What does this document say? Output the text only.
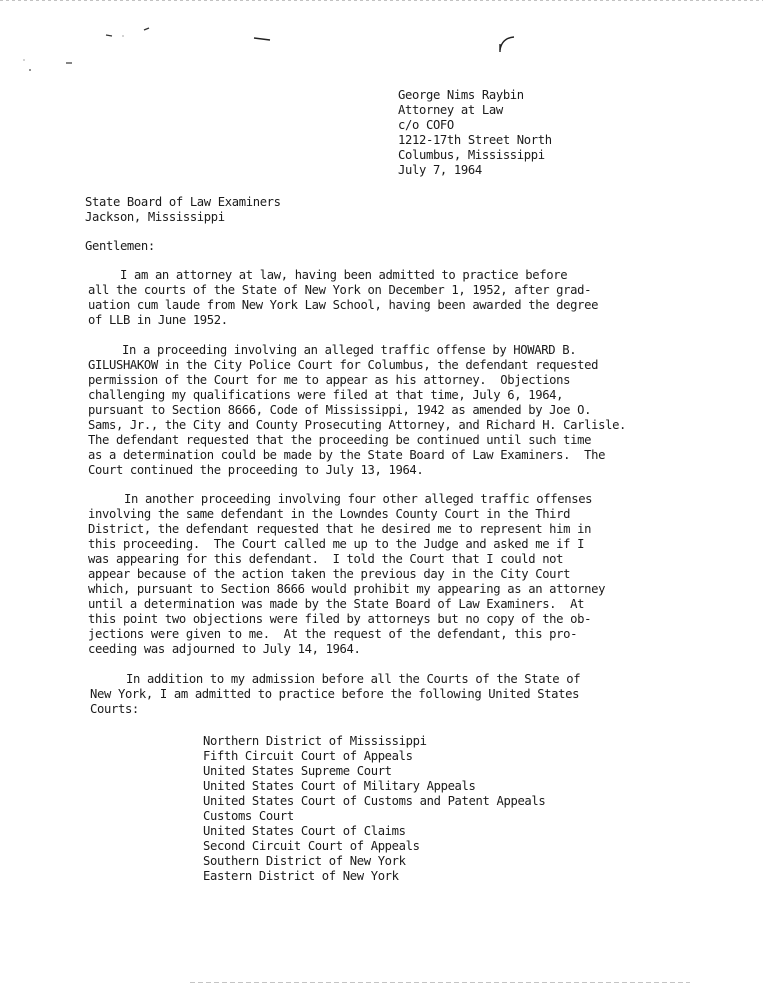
George Nims Raybin
Attorney at Law
c/o COFO
1212-17th Street North
Columbus, Mississippi
July 7, 1964
State Board of Law Examiners
Jackson, Mississippi
Gentlemen:
I am an attorney at law, having been admitted to practice before
all the courts of the State of New York on December 1, 1952, after grad-
uation cum laude from New York Law School, having been awarded the degree
of LLB in June 1952.
In a proceeding involving an alleged traffic offense by HOWARD B.
GILUSHAKOW in the City Police Court for Columbus, the defendant requested
permission of the Court for me to appear as his attorney.  Objections
challenging my qualifications were filed at that time, July 6, 1964,
pursuant to Section 8666, Code of Mississippi, 1942 as amended by Joe O.
Sams, Jr., the City and County Prosecuting Attorney, and Richard H. Carlisle.
The defendant requested that the proceeding be continued until such time
as a determination could be made by the State Board of Law Examiners.  The
Court continued the proceeding to July 13, 1964.
In another proceeding involving four other alleged traffic offenses
involving the same defendant in the Lowndes County Court in the Third
District, the defendant requested that he desired me to represent him in
this proceeding.  The Court called me up to the Judge and asked me if I
was appearing for this defendant.  I told the Court that I could not
appear because of the action taken the previous day in the City Court
which, pursuant to Section 8666 would prohibit my appearing as an attorney
until a determination was made by the State Board of Law Examiners.  At
this point two objections were filed by attorneys but no copy of the ob-
jections were given to me.  At the request of the defendant, this pro-
ceeding was adjourned to July 14, 1964.
In addition to my admission before all the Courts of the State of
New York, I am admitted to practice before the following United States
Courts:
Northern District of Mississippi
Fifth Circuit Court of Appeals
United States Supreme Court
United States Court of Military Appeals
United States Court of Customs and Patent Appeals
Customs Court
United States Court of Claims
Second Circuit Court of Appeals
Southern District of New York
Eastern District of New York
